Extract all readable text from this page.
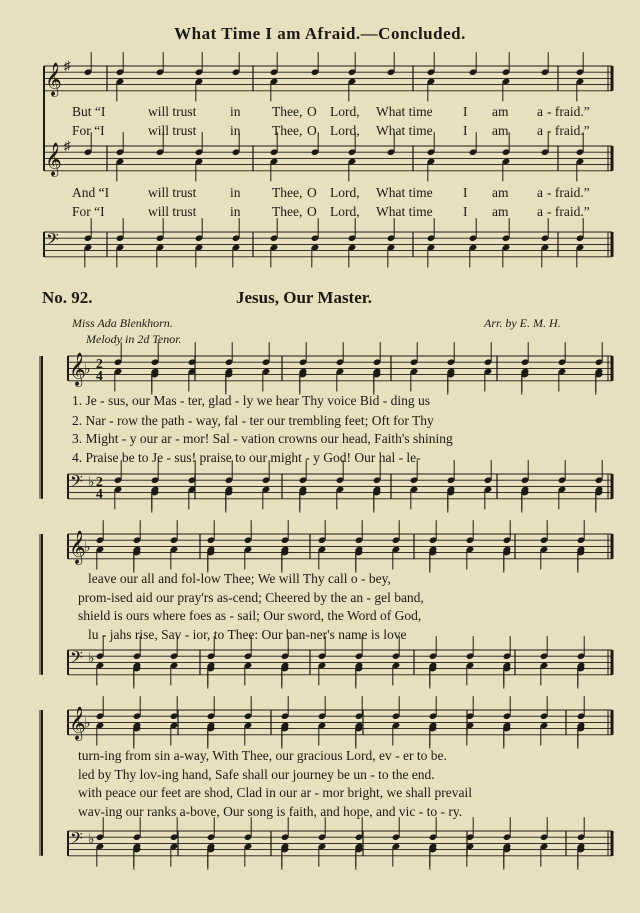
What Time I am Afraid.—Concluded.
No. 92.	Jesus, Our Master.
Miss Ada Blenkhorn.	Arr. by E. M. H.
Melody in 2d Tenor.
But “I	will trust in Thee, O Lord, What time I am a - fraid.”
For “I	will trust in Thee, O Lord, What time I am a - fraid.”
And “I	will trust in Thee, O Lord, What time I am a - fraid.”
For “I	will trust in Thee, O Lord, What time I am a - fraid.”
1. Je - sus, our Mas - ter, glad - ly we hear Thy voice Bid - ding us
2. Nar - row the path - way, fal - ter our trembling feet; Oft for Thy
3. Might - y our ar - mor! Sal - vation crowns our head, Faith's shining
4. Praise be to Je - sus! praise to our might - y God! Our hal - le-
leave our all and fol-low Thee; We will Thy call o - bey,
prom-ised aid our pray'rs as-cend; Cheered by the an - gel band,
shield is ours where foes as - sail; Our sword, the Word of God,
lu - jahs rise, Sav - ior, to Thee: Our ban-ner's name is love
turn-ing from sin a-way, With Thee, our gracious Lord, ev - er to be.
led by Thy lov-ing hand, Safe shall our journey be un - to the end.
with peace our feet are shod, Clad in our ar - mor bright, we shall prevail
wav-ing our ranks a-bove, Our song is faith, and hope, and vic - to - ry.
𝄞 ♯
𝄞 ♯
𝄢
𝄞
♭ 2
4
𝄢 ♭ 2
4
𝄞
♭
𝄢 ♭
𝄞
♭
𝄢 ♭
